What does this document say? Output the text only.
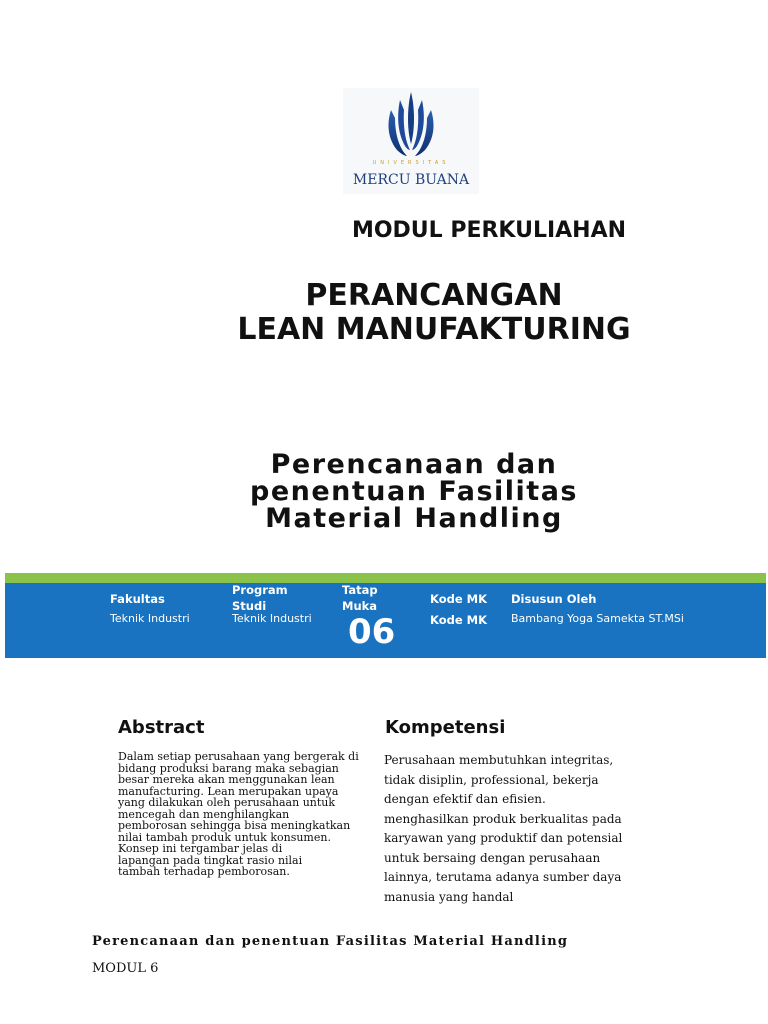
UNIVERSITAS
MERCU BUANA
MODUL PERKULIAHAN
PERANCANGAN
LEAN MANUFAKTURING
Perencanaan dan
penentuan Fasilitas
Material Handling
Fakultas
Teknik Industri
Program
Studi
Teknik Industri
Tatap
Muka
06
Kode MK
Kode MK
Disusun Oleh
Bambang Yoga Samekta ST.MSi
Abstract
Dalam setiap perusahaan yang bergerak di
bidang produksi barang maka sebagian
besar mereka akan menggunakan lean
manufacturing. Lean merupakan upaya
yang dilakukan oleh perusahaan untuk
mencegah dan menghilangkan
pemborosan sehingga bisa meningkatkan
nilai tambah produk untuk konsumen.
Konsep ini tergambar jelas di
lapangan pada tingkat rasio nilai
tambah terhadap pemborosan.
Kompetensi
Perusahaan membutuhkan integritas,
tidak disiplin, professional, bekerja
dengan efektif dan efisien.
menghasilkan produk berkualitas pada
karyawan yang produktif dan potensial
untuk bersaing dengan perusahaan
lainnya, terutama adanya sumber daya
manusia yang handal
Perencanaan dan penentuan Fasilitas Material Handling
MODUL 6
